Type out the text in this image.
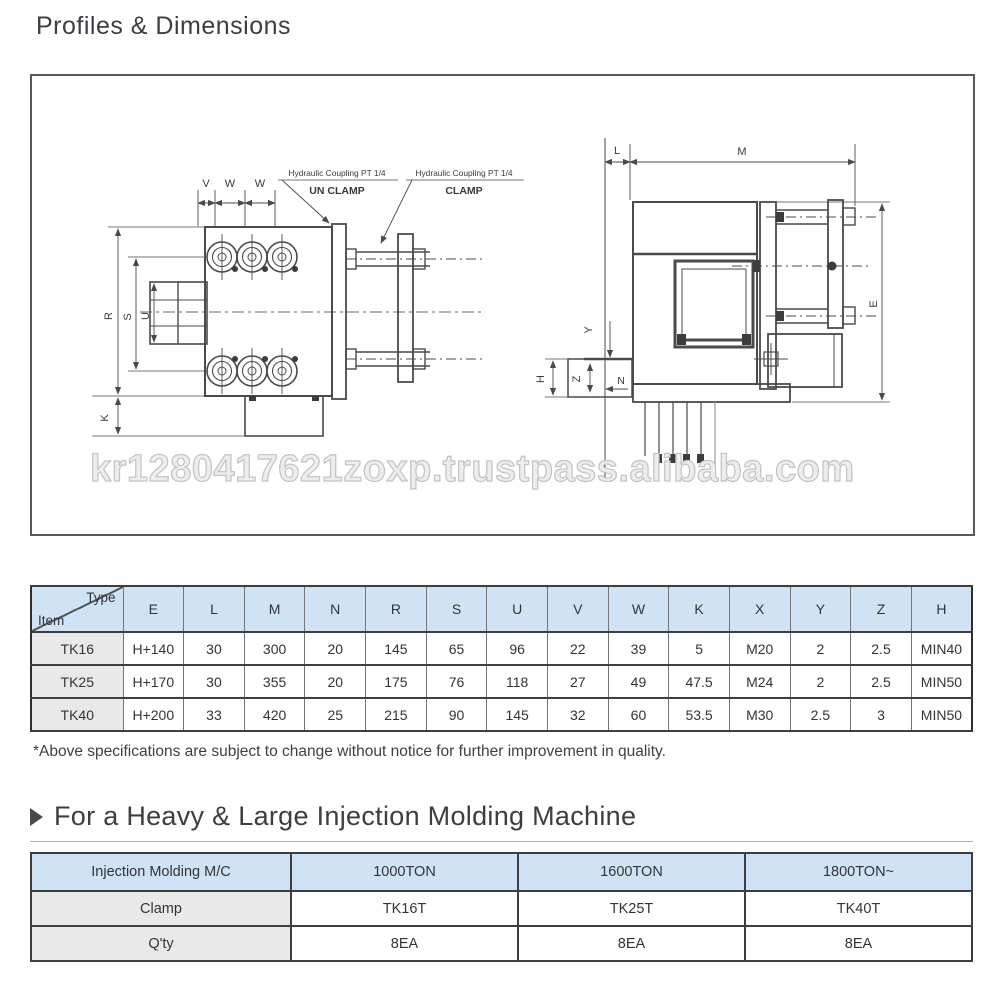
Profiles & Dimensions
V W W
R S U
K
L	M
E
Y
Z
H	N
Hydraulic Coupling PT 1/4
UN CLAMP
Hydraulic Coupling PT 1/4
CLAMP
kr1280417621zoxp.trustpass.alibaba.com
Type
Item	E	L	M	N	R	S	U	V	W	K	X	Y	Z	H
TK16	H+140	30	300	20	145	65	96	22	39	5	M20	2	2.5	MIN40
TK25	H+170	30	355	20	175	76	118	27	49	47.5	M24	2	2.5	MIN50
TK40	H+200	33	420	25	215	90	145	32	60	53.5	M30	2.5	3	MIN50
*Above specifications are subject to change without notice for further improvement in quality.
For a Heavy & Large Injection Molding Machine
Injection Molding M/C	1000TON	1600TON	1800TON~
Clamp	TK16T	TK25T	TK40T
Q'ty	8EA	8EA	8EA
